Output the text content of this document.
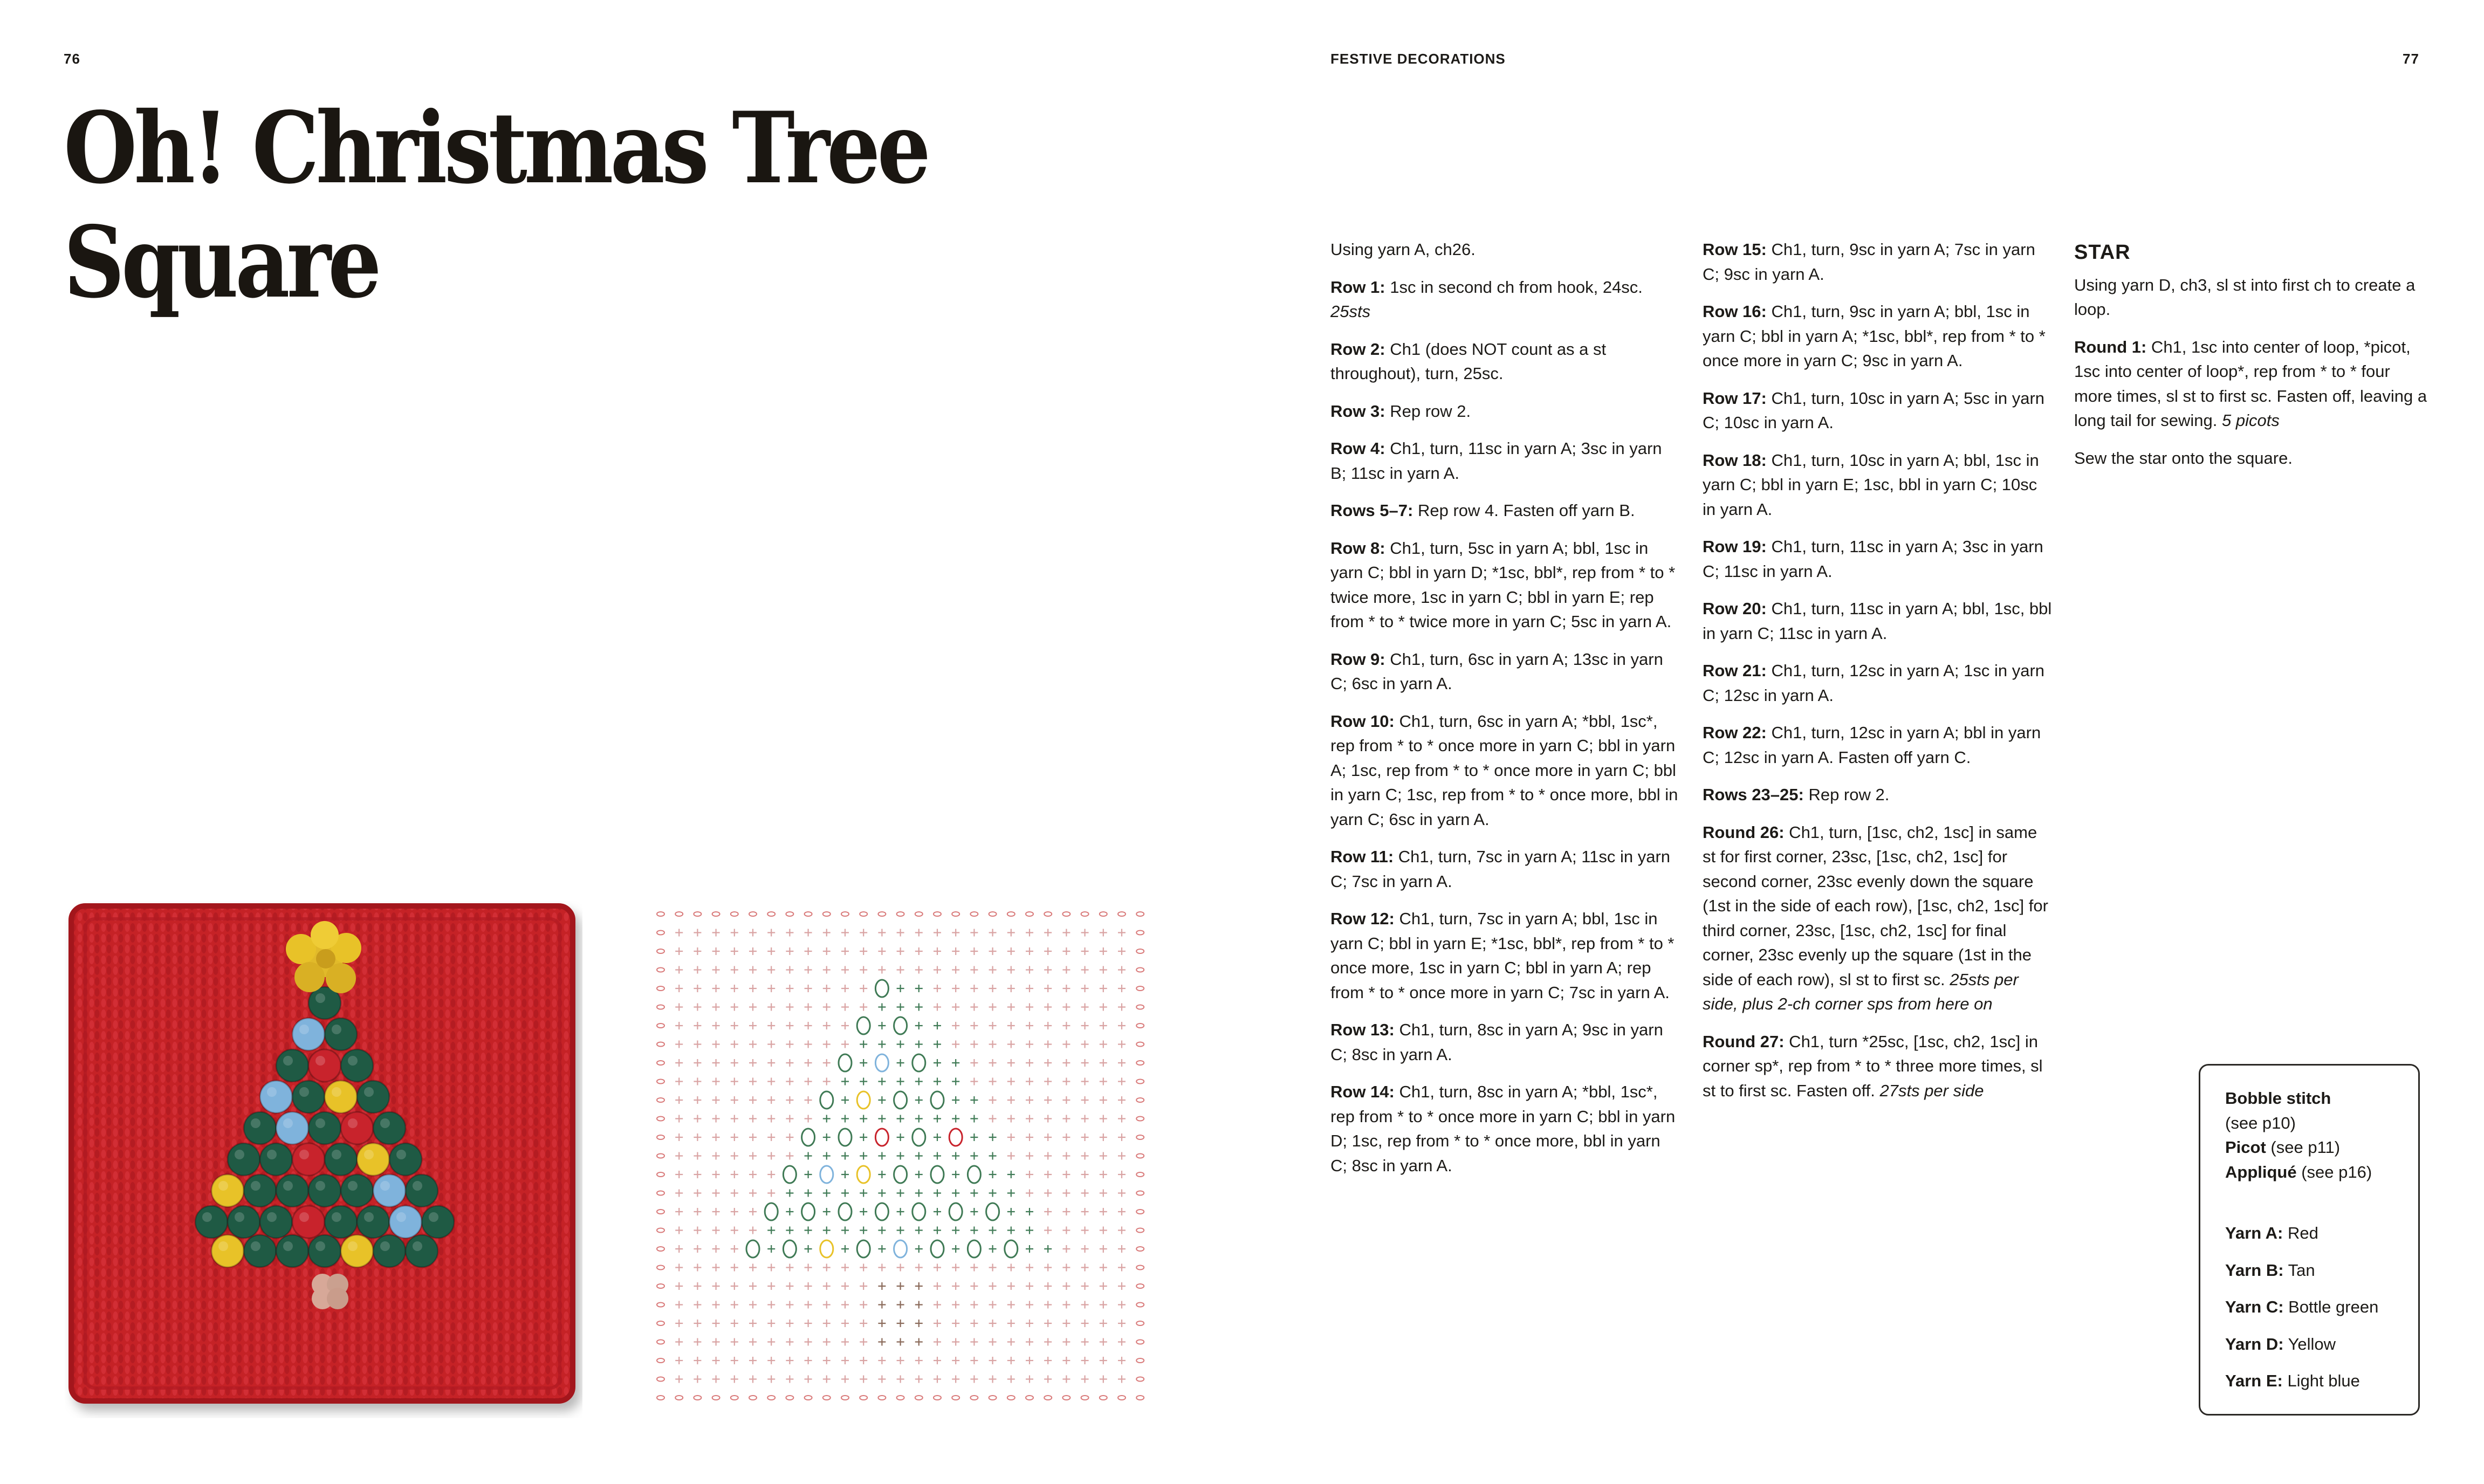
76	FESTIVE DECORATIONS	77
Oh! Christmas Tree
Square	Using yarn A, ch26.

Row 1: 1sc in second ch from hook, 24sc. 25sts

Row 2: Ch1 (does NOT count as a st throughout), turn, 25sc.

Row 3: Rep row 2.

Row 4: Ch1, turn, 11sc in yarn A; 3sc in yarn B; 11sc in yarn A.

Rows 5–7: Rep row 4. Fasten off yarn B.

Row 8: Ch1, turn, 5sc in yarn A; bbl, 1sc in yarn C; bbl in yarn D; *1sc, bbl*, rep from * to * twice more, 1sc in yarn C; bbl in yarn E; rep from * to * twice more in yarn C; 5sc in yarn A.

Row 9: Ch1, turn, 6sc in yarn A; 13sc in yarn C; 6sc in yarn A.

Row 10: Ch1, turn, 6sc in yarn A; *bbl, 1sc*, rep from * to * once more in yarn C; bbl in yarn A; 1sc, rep from * to * once more in yarn C; bbl in yarn C; 1sc, rep from * to * once more, bbl in yarn C; 6sc in yarn A.

Row 11: Ch1, turn, 7sc in yarn A; 11sc in yarn C; 7sc in yarn A.

Row 12: Ch1, turn, 7sc in yarn A; bbl, 1sc in yarn C; bbl in yarn E; *1sc, bbl*, rep from * to * once more, 1sc in yarn C; bbl in yarn A; rep from * to * once more in yarn C; 7sc in yarn A.

Row 13: Ch1, turn, 8sc in yarn A; 9sc in yarn C; 8sc in yarn A.

Row 14: Ch1, turn, 8sc in yarn A; *bbl, 1sc*, rep from * to * once more in yarn C; bbl in yarn D; 1sc, rep from * to * once more, bbl in yarn C; 8sc in yarn A.

Row 15: Ch1, turn, 9sc in yarn A; 7sc in yarn C; 9sc in yarn A.

Row 16: Ch1, turn, 9sc in yarn A; bbl, 1sc in yarn C; bbl in yarn A; *1sc, bbl*, rep from * to * once more in yarn C; 9sc in yarn A.

Row 17: Ch1, turn, 10sc in yarn A; 5sc in yarn C; 10sc in yarn A.

Row 18: Ch1, turn, 10sc in yarn A; bbl, 1sc in yarn C; bbl in yarn E; 1sc, bbl in yarn C; 10sc in yarn A.

Row 19: Ch1, turn, 11sc in yarn A; 3sc in yarn C; 11sc in yarn A.

Row 20: Ch1, turn, 11sc in yarn A; bbl, 1sc, bbl in yarn C; 11sc in yarn A.

Row 21: Ch1, turn, 12sc in yarn A; 1sc in yarn C; 12sc in yarn A.

Row 22: Ch1, turn, 12sc in yarn A; bbl in yarn C; 12sc in yarn A. Fasten off yarn C.

Rows 23–25: Rep row 2.

Round 26: Ch1, turn, [1sc, ch2, 1sc] in same st for first corner, 23sc, [1sc, ch2, 1sc] for second corner, 23sc evenly down the square (1st in the side of each row), [1sc, ch2, 1sc] for third corner, 23sc, [1sc, ch2, 1sc] for final corner, 23sc evenly up the square (1st in the side of each row), sl st to first sc. 25sts per side, plus 2-ch corner sps from here on

Round 27: Ch1, turn *25sc, [1sc, ch2, 1sc] in corner sp*, rep from * to * three more times, sl st to first sc. Fasten off. 27sts per side

STAR

Using yarn D, ch3, sl st into first ch to create a loop.

Round 1: Ch1, 1sc into center of loop, *picot, 1sc into center of loop*, rep from * to * four more times, sl st to first sc. Fasten off, leaving a long tail for sewing. 5 picots

Sew the star onto the square.

Bobble stitch
(see p10)

Picot (see p11)

Appliqué (see p16)

Yarn A: Red

Yarn B: Tan

Yarn C: Bottle green

Yarn D: Yellow

Yarn E: Light blue
